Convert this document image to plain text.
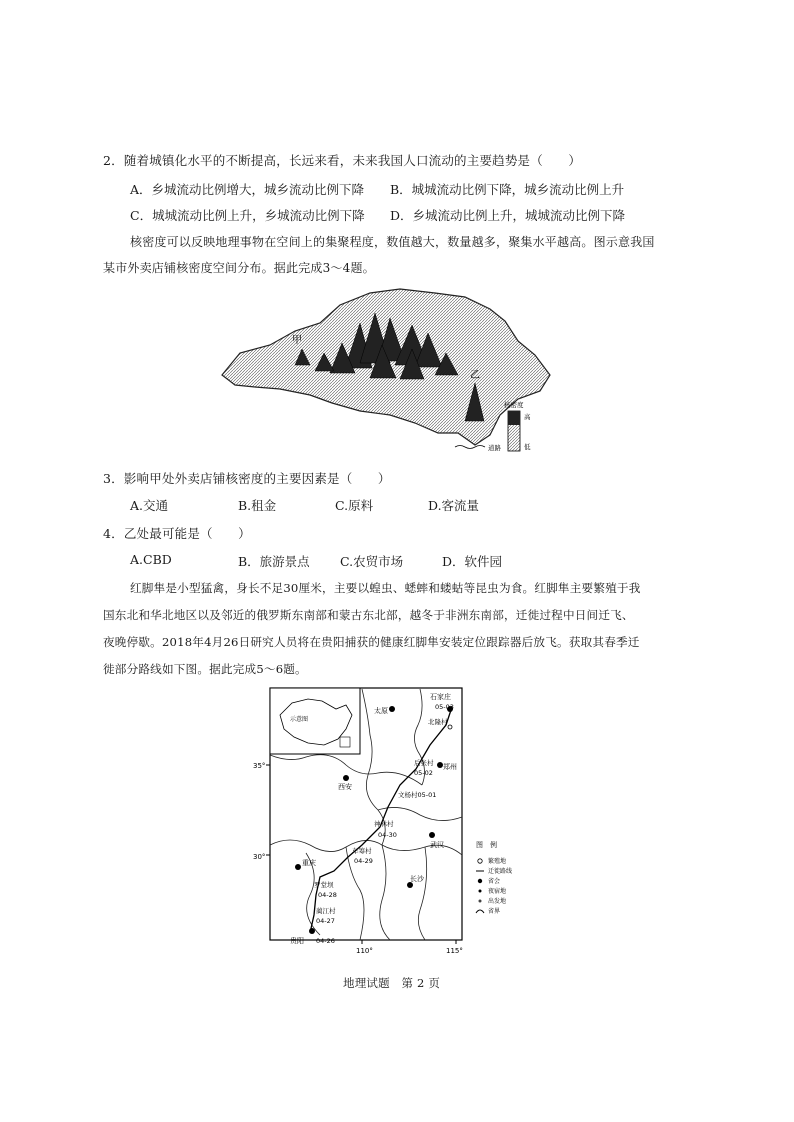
2．随着城镇化水平的不断提高，长远来看，未来我国人口流动的主要趋势是（　　）
A．乡城流动比例增大，城乡流动比例下降 B．城城流动比例下降，城乡流动比例上升
C．城城流动比例上升，乡城流动比例下降 D．乡城流动比例上升，城城流动比例下降
核密度可以反映地理事物在空间上的集聚程度，数值越大，数量越多，聚集水平越高。图示意我国
某市外卖店铺核密度空间分布。据此完成3～4题。
甲
乙
核密度
高
低
道路
3．影响甲处外卖店铺核密度的主要因素是（　　）
A.交通	B.租金	C.原料	D.客流量
4．乙处最可能是（　　）
A.CBD	B．旅游景点 C.农贸市场	D．软件园
红脚隼是小型猛禽，身长不足30厘米，主要以蝗虫、蟋蟀和蝼蛄等昆虫为食。红脚隼主要繁殖于我
国东北和华北地区以及邻近的俄罗斯东南部和蒙古东北部，越冬于非洲东南部，迁徙过程中日间迁飞、
夜晚停歇。2018年4月26日研究人员将在贵阳捕获的健康红脚隼安装定位跟踪器后放飞。获取其春季迁
徙部分路线如下图。据此完成5～6题。
示意图
35°
30°
110°	115°
石家庄
太原
郑州
西安
武汉
重庆
长沙
贵阳
05-03
北隆村
后张村
05-02
文杨村05-01
神林村
04-30
车筹村
04-29
罗堂坝
04-28
蔺江村
04-27
04-26
图　例
繁殖地
迁徙路线
省会
夜宿地
出发地
省界
地理试题　第 2 页
